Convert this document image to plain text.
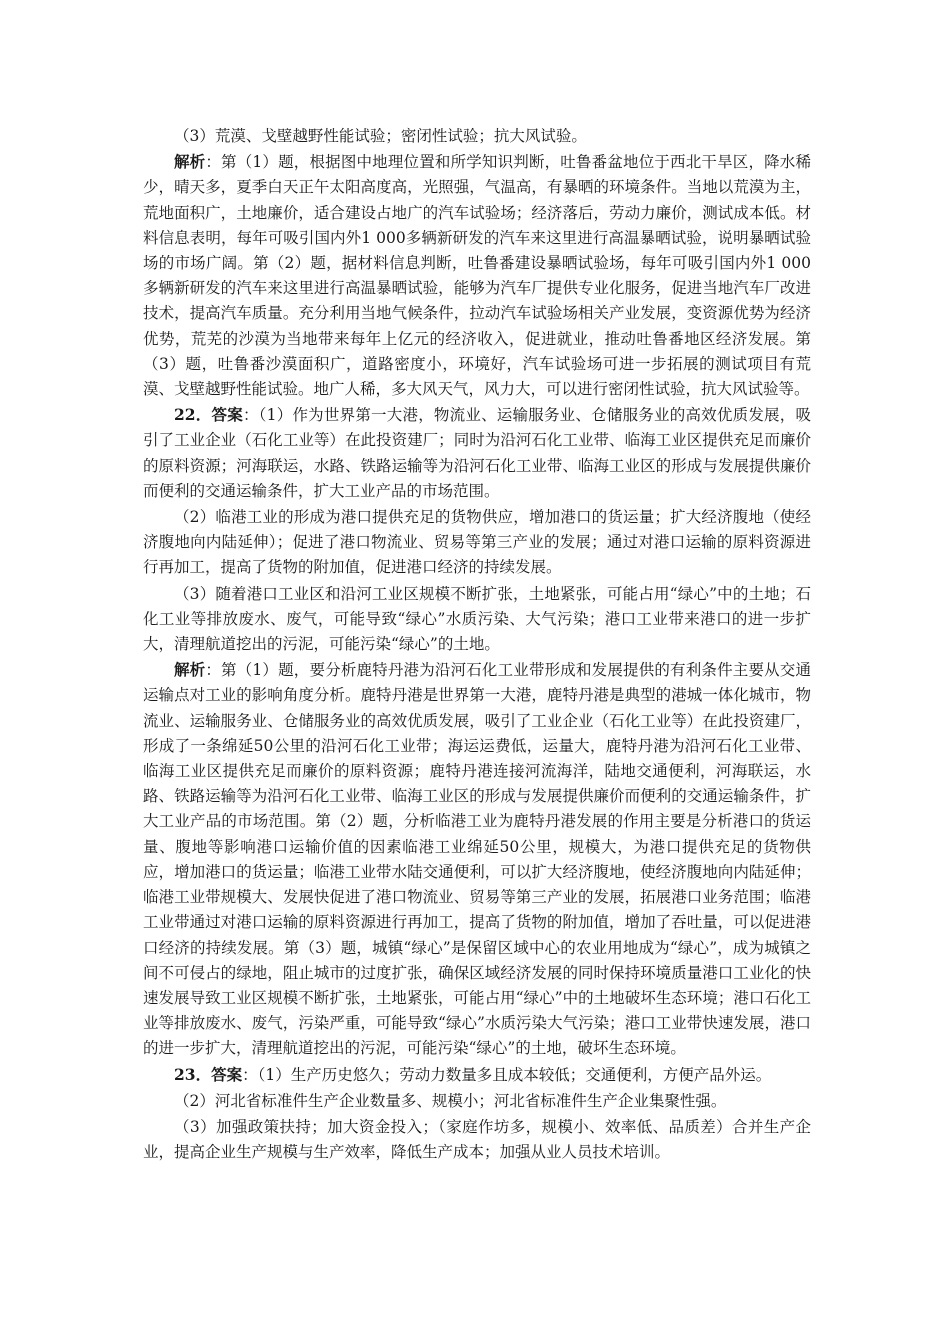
（3）荒漠、戈壁越野性能试验；密闭性试验；抗大风试验。

解析：第（1）题，根据图中地理位置和所学知识判断，吐鲁番盆地位于西北干旱区，降水稀少，晴天多，夏季白天正午太阳高度高，光照强，气温高，有暴晒的环境条件。当地以荒漠为主，荒地面积广，土地廉价，适合建设占地广的汽车试验场；经济落后，劳动力廉价，测试成本低。材料信息表明，每年可吸引国内外1 000多辆新研发的汽车来这里进行高温暴晒试验，说明暴晒试验场的市场广阔。第（2）题，据材料信息判断，吐鲁番建设暴晒试验场，每年可吸引国内外1 000多辆新研发的汽车来这里进行高温暴晒试验，能够为汽车厂提供专业化服务，促进当地汽车厂改进技术，提高汽车质量。充分利用当地气候条件，拉动汽车试验场相关产业发展，变资源优势为经济优势，荒芜的沙漠为当地带来每年上亿元的经济收入，促进就业，推动吐鲁番地区经济发展。第（3）题，吐鲁番沙漠面积广，道路密度小，环境好，汽车试验场可进一步拓展的测试项目有荒漠、戈壁越野性能试验。地广人稀，多大风天气，风力大，可以进行密闭性试验，抗大风试验等。

22．答案：（1）作为世界第一大港，物流业、运输服务业、仓储服务业的高效优质发展，吸引了工业企业（石化工业等）在此投资建厂；同时为沿河石化工业带、临海工业区提供充足而廉价的原料资源；河海联运，水路、铁路运输等为沿河石化工业带、临海工业区的形成与发展提供廉价而便利的交通运输条件，扩大工业产品的市场范围。

（2）临港工业的形成为港口提供充足的货物供应，增加港口的货运量；扩大经济腹地（使经济腹地向内陆延伸）；促进了港口物流业、贸易等第三产业的发展；通过对港口运输的原料资源进行再加工，提高了货物的附加值，促进港口经济的持续发展。

（3）随着港口工业区和沿河工业区规模不断扩张，土地紧张，可能占用“绿心”中的土地；石化工业等排放废水、废气，可能导致“绿心”水质污染、大气污染；港口工业带来港口的进一步扩大，清理航道挖出的污泥，可能污染“绿心”的土地。

解析：第（1）题，要分析鹿特丹港为沿河石化工业带形成和发展提供的有利条件主要从交通运输点对工业的影响角度分析。鹿特丹港是世界第一大港，鹿特丹港是典型的港城一体化城市，物流业、运输服务业、仓储服务业的高效优质发展，吸引了工业企业（石化工业等）在此投资建厂，形成了一条绵延50公里的沿河石化工业带；海运运费低，运量大，鹿特丹港为沿河石化工业带、临海工业区提供充足而廉价的原料资源；鹿特丹港连接河流海洋，陆地交通便利，河海联运，水路、铁路运输等为沿河石化工业带、临海工业区的形成与发展提供廉价而便利的交通运输条件，扩大工业产品的市场范围。第（2）题，分析临港工业为鹿特丹港发展的作用主要是分析港口的货运量、腹地等影响港口运输价值的因素临港工业绵延50公里，规模大，为港口提供充足的货物供应，增加港口的货运量；临港工业带水陆交通便利，可以扩大经济腹地，使经济腹地向内陆延伸；临港工业带规模大、发展快促进了港口物流业、贸易等第三产业的发展，拓展港口业务范围；临港工业带通过对港口运输的原料资源进行再加工，提高了货物的附加值，增加了吞吐量，可以促进港口经济的持续发展。第（3）题，城镇“绿心”是保留区域中心的农业用地成为“绿心”，成为城镇之间不可侵占的绿地，阻止城市的过度扩张，确保区域经济发展的同时保持环境质量港口工业化的快速发展导致工业区规模不断扩张，土地紧张，可能占用“绿心”中的土地破坏生态环境；港口石化工业等排放废水、废气，污染严重，可能导致“绿心”水质污染大气污染；港口工业带快速发展，港口的进一步扩大，清理航道挖出的污泥，可能污染“绿心”的土地，破坏生态环境。

23．答案：（1）生产历史悠久；劳动力数量多且成本较低；交通便利，方便产品外运。

（2）河北省标准件生产企业数量多、规模小；河北省标准件生产企业集聚性强。

（3）加强政策扶持；加大资金投入；（家庭作坊多，规模小、效率低、品质差）合并生产企业，提高企业生产规模与生产效率，降低生产成本；加强从业人员技术培训。
